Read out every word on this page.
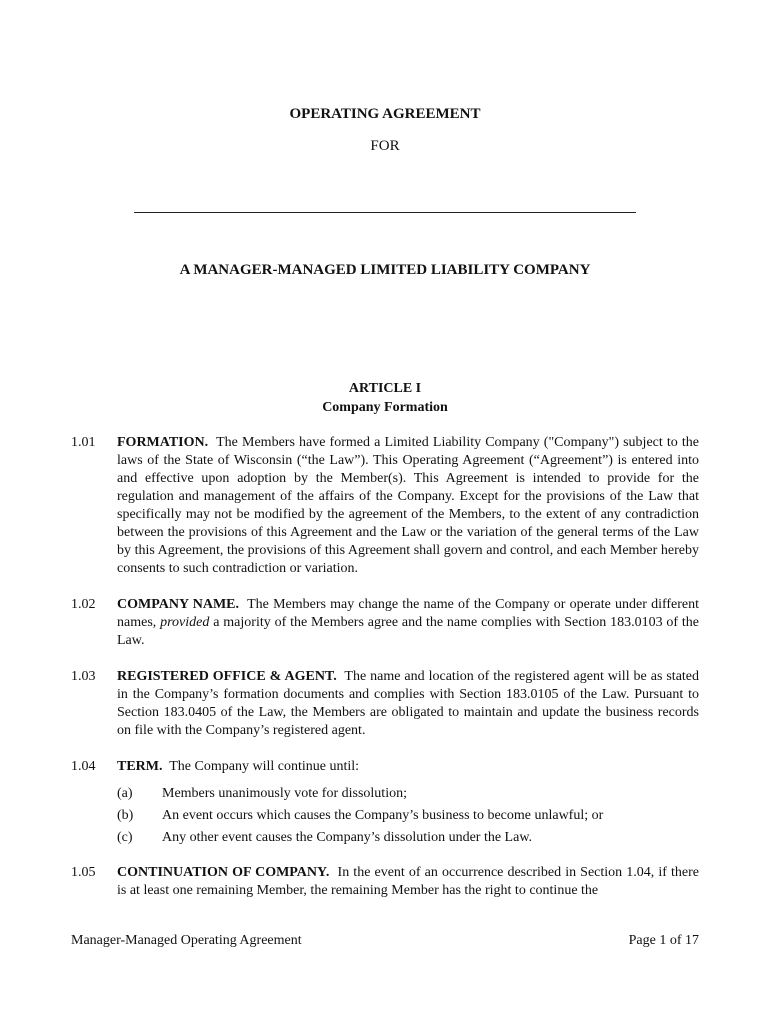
OPERATING AGREEMENT
FOR
A MANAGER-MANAGED LIMITED LIABILITY COMPANY
ARTICLE I
Company Formation
1.01	FORMATION. The Members have formed a Limited Liability Company ("Company") subject to the laws of the State of Wisconsin (“the Law”). This Operating Agreement (“Agreement”) is entered into and effective upon adoption by the Member(s). This Agreement is intended to provide for the regulation and management of the affairs of the Company. Except for the provisions of the Law that specifically may not be modified by the agreement of the Members, to the extent of any contradiction between the provisions of this Agreement and the Law or the variation of the general terms of the Law by this Agreement, the provisions of this Agreement shall govern and control, and each Member hereby consents to such contradiction or variation.
1.02	COMPANY NAME. The Members may change the name of the Company or operate under different names, provided a majority of the Members agree and the name complies with Section 183.0103 of the Law.
1.03	REGISTERED OFFICE & AGENT. The name and location of the registered agent will be as stated in the Company’s formation documents and complies with Section 183.0105 of the Law. Pursuant to Section 183.0405 of the Law, the Members are obligated to maintain and update the business records on file with the Company’s registered agent.
1.04	TERM. The Company will continue until:
(a)	Members unanimously vote for dissolution;
(b)	An event occurs which causes the Company’s business to become unlawful; or
(c)	Any other event causes the Company’s dissolution under the Law.
1.05	CONTINUATION OF COMPANY. In the event of an occurrence described in Section 1.04, if there is at least one remaining Member, the remaining Member has the right to continue the
Manager-Managed Operating Agreement	Page 1 of 17
